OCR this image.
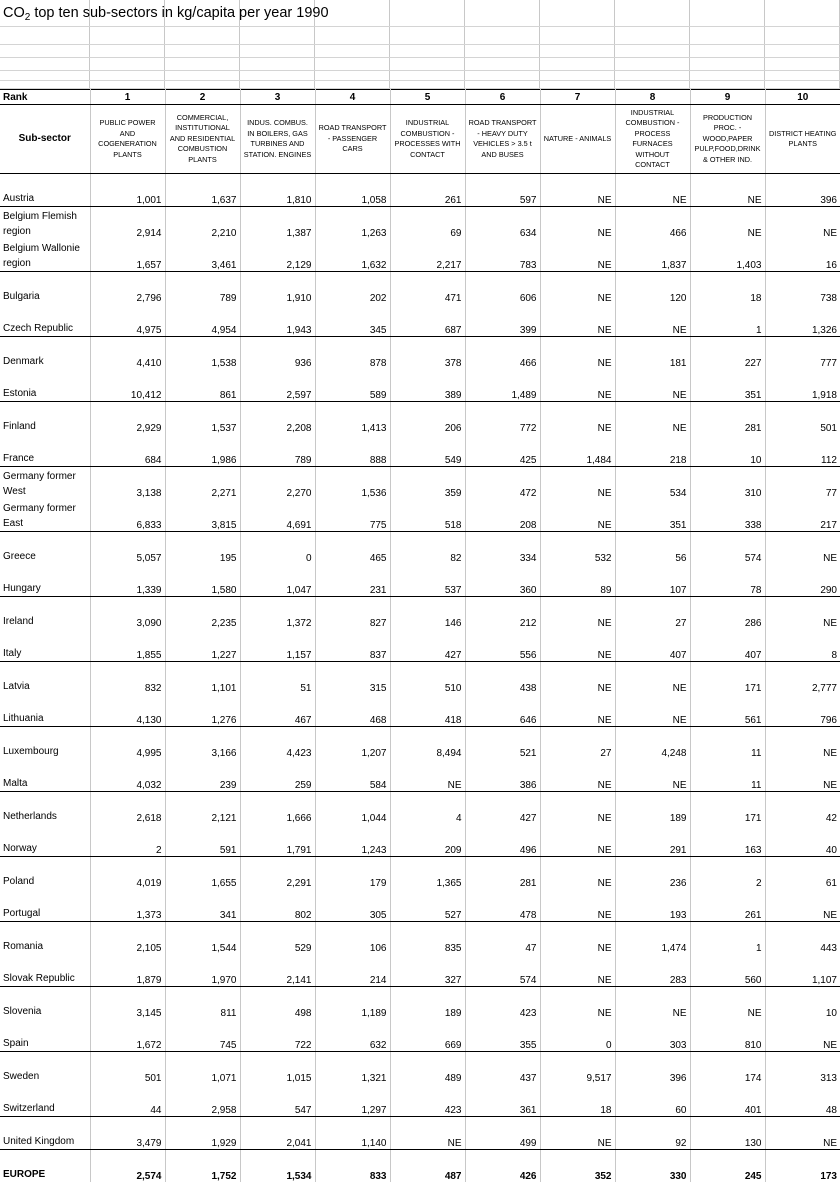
$CO_2$ top ten sub-sectors in kg/capita per year 1990
Rank	1	2	3	4	5	6	7	8	9	10
Sub-sector	PUBLIC POWER AND COGENERATION PLANTS	COMMERCIAL, INSTITUTIONAL AND RESIDENTIAL COMBUSTION PLANTS	INDUS. COMBUS. IN BOILERS, GAS TURBINES AND STATION. ENGINES	ROAD TRANSPORT - PASSENGER CARS	INDUSTRIAL COMBUSTION - PROCESSES WITH CONTACT	ROAD TRANSPORT - HEAVY DUTY VEHICLES > 3.5 t AND BUSES	NATURE - ANIMALS	INDUSTRIAL COMBUSTION - PROCESS FURNACES WITHOUT CONTACT	PRODUCTION PROC. - WOOD,PAPER PULP,FOOD,DRINK & OTHER IND.	DISTRICT HEATING PLANTS
Austria	1,001	1,637	1,810	1,058	261	597	NE	NE	NE	396
Belgium Flemish region	2,914	2,210	1,387	1,263	69	634	NE	466	NE	NE
Belgium Wallonie region	1,657	3,461	2,129	1,632	2,217	783	NE	1,837	1,403	16
Bulgaria	2,796	789	1,910	202	471	606	NE	120	18	738
Czech Republic	4,975	4,954	1,943	345	687	399	NE	NE	1	1,326
Denmark	4,410	1,538	936	878	378	466	NE	181	227	777
Estonia	10,412	861	2,597	589	389	1,489	NE	NE	351	1,918
Finland	2,929	1,537	2,208	1,413	206	772	NE	NE	281	501
France	684	1,986	789	888	549	425	1,484	218	10	112
Germany former West	3,138	2,271	2,270	1,536	359	472	NE	534	310	77
Germany former East	6,833	3,815	4,691	775	518	208	NE	351	338	217
Greece	5,057	195	0	465	82	334	532	56	574	NE
Hungary	1,339	1,580	1,047	231	537	360	89	107	78	290
Ireland	3,090	2,235	1,372	827	146	212	NE	27	286	NE
Italy	1,855	1,227	1,157	837	427	556	NE	407	407	8
Latvia	832	1,101	51	315	510	438	NE	NE	171	2,777
Lithuania	4,130	1,276	467	468	418	646	NE	NE	561	796
Luxembourg	4,995	3,166	4,423	1,207	8,494	521	27	4,248	11	NE
Malta	4,032	239	259	584	NE	386	NE	NE	11	NE
Netherlands	2,618	2,121	1,666	1,044	4	427	NE	189	171	42
Norway	2	591	1,791	1,243	209	496	NE	291	163	40
Poland	4,019	1,655	2,291	179	1,365	281	NE	236	2	61
Portugal	1,373	341	802	305	527	478	NE	193	261	NE
Romania	2,105	1,544	529	106	835	47	NE	1,474	1	443
Slovak Republic	1,879	1,970	2,141	214	327	574	NE	283	560	1,107
Slovenia	3,145	811	498	1,189	189	423	NE	NE	NE	10
Spain	1,672	745	722	632	669	355	0	303	810	NE
Sweden	501	1,071	1,015	1,321	489	437	9,517	396	174	313
Switzerland	44	2,958	547	1,297	423	361	18	60	401	48
United Kingdom	3,479	1,929	2,041	1,140	NE	499	NE	92	130	NE
EUROPE	2,574	1,752	1,534	833	487	426	352	330	245	173
